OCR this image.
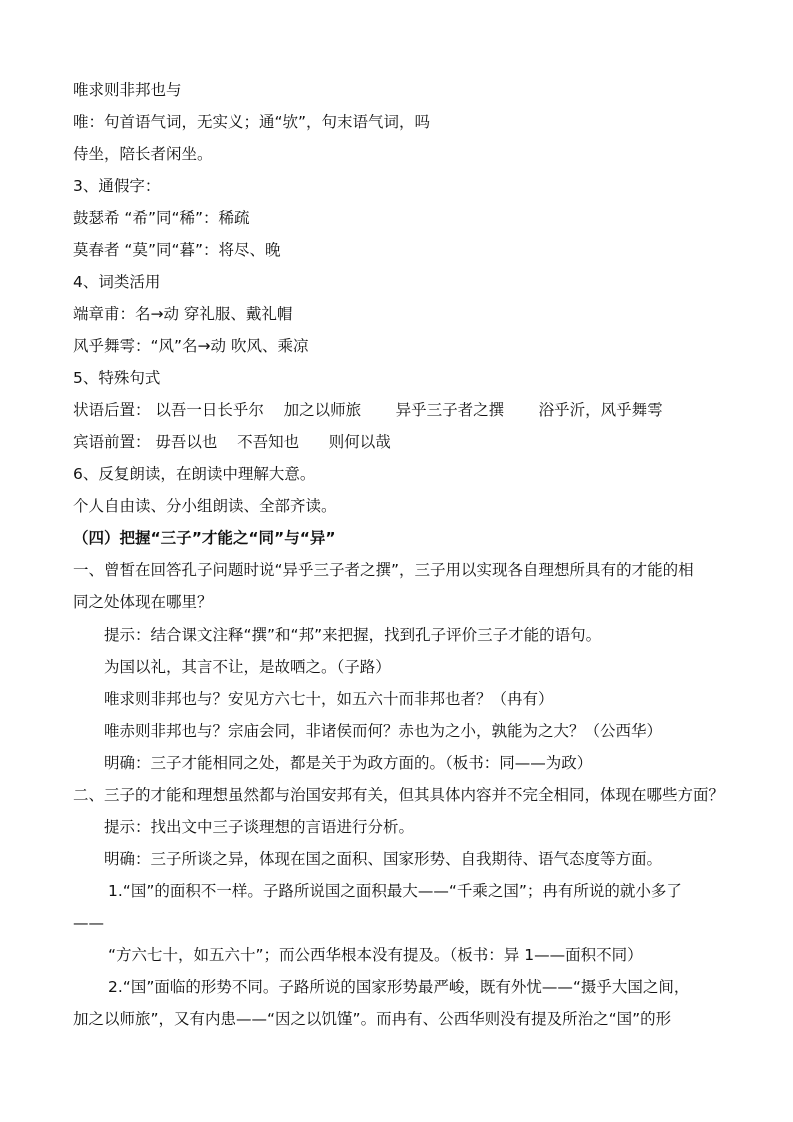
唯求则非邦也与
唯：句首语气词，无实义；通“欤”，句末语气词，吗
侍坐，陪长者闲坐。
3、通假字：
鼓瑟希 “希”同“稀”：稀疏
莫春者 “莫”同“暮”：将尽、晚
4、词类活用
端章甫：名→动 穿礼服、戴礼帽
风乎舞雩：“风”名→动 吹风、乘凉
5、特殊句式
状语后置： 以吾一日长乎尔    加之以师旅       异乎三子者之撰       浴乎沂，风乎舞雩
宾语前置： 毋吾以也    不吾知也      则何以哉
6、反复朗读，在朗读中理解大意。
个人自由读、分小组朗读、全部齐读。
（四）把握“三子”才能之“同”与“异”
一、曾皙在回答孔子问题时说“异乎三子者之撰”，三子用以实现各自理想所具有的才能的相
同之处体现在哪里？
提示：结合课文注释“撰”和“邦”来把握，找到孔子评价三子才能的语句。
为国以礼，其言不让，是故哂之。（子路）
唯求则非邦也与？安见方六七十，如五六十而非邦也者？（冉有）
唯赤则非邦也与？宗庙会同，非诸侯而何？赤也为之小，孰能为之大？（公西华）
明确：三子才能相同之处，都是关于为政方面的。（板书：同——为政）
二、三子的才能和理想虽然都与治国安邦有关，但其具体内容并不完全相同，体现在哪些方面？
提示：找出文中三子谈理想的言语进行分析。
明确：三子所谈之异，体现在国之面积、国家形势、自我期待、语气态度等方面。
1.“国”的面积不一样。子路所说国之面积最大——“千乘之国”；冉有所说的就小多了
——
“方六七十，如五六十”；而公西华根本没有提及。（板书：异 1——面积不同）
2.“国”面临的形势不同。子路所说的国家形势最严峻，既有外忧——“摄乎大国之间，
加之以师旅”，又有内患——“因之以饥馑”。而冉有、公西华则没有提及所治之“国”的形
